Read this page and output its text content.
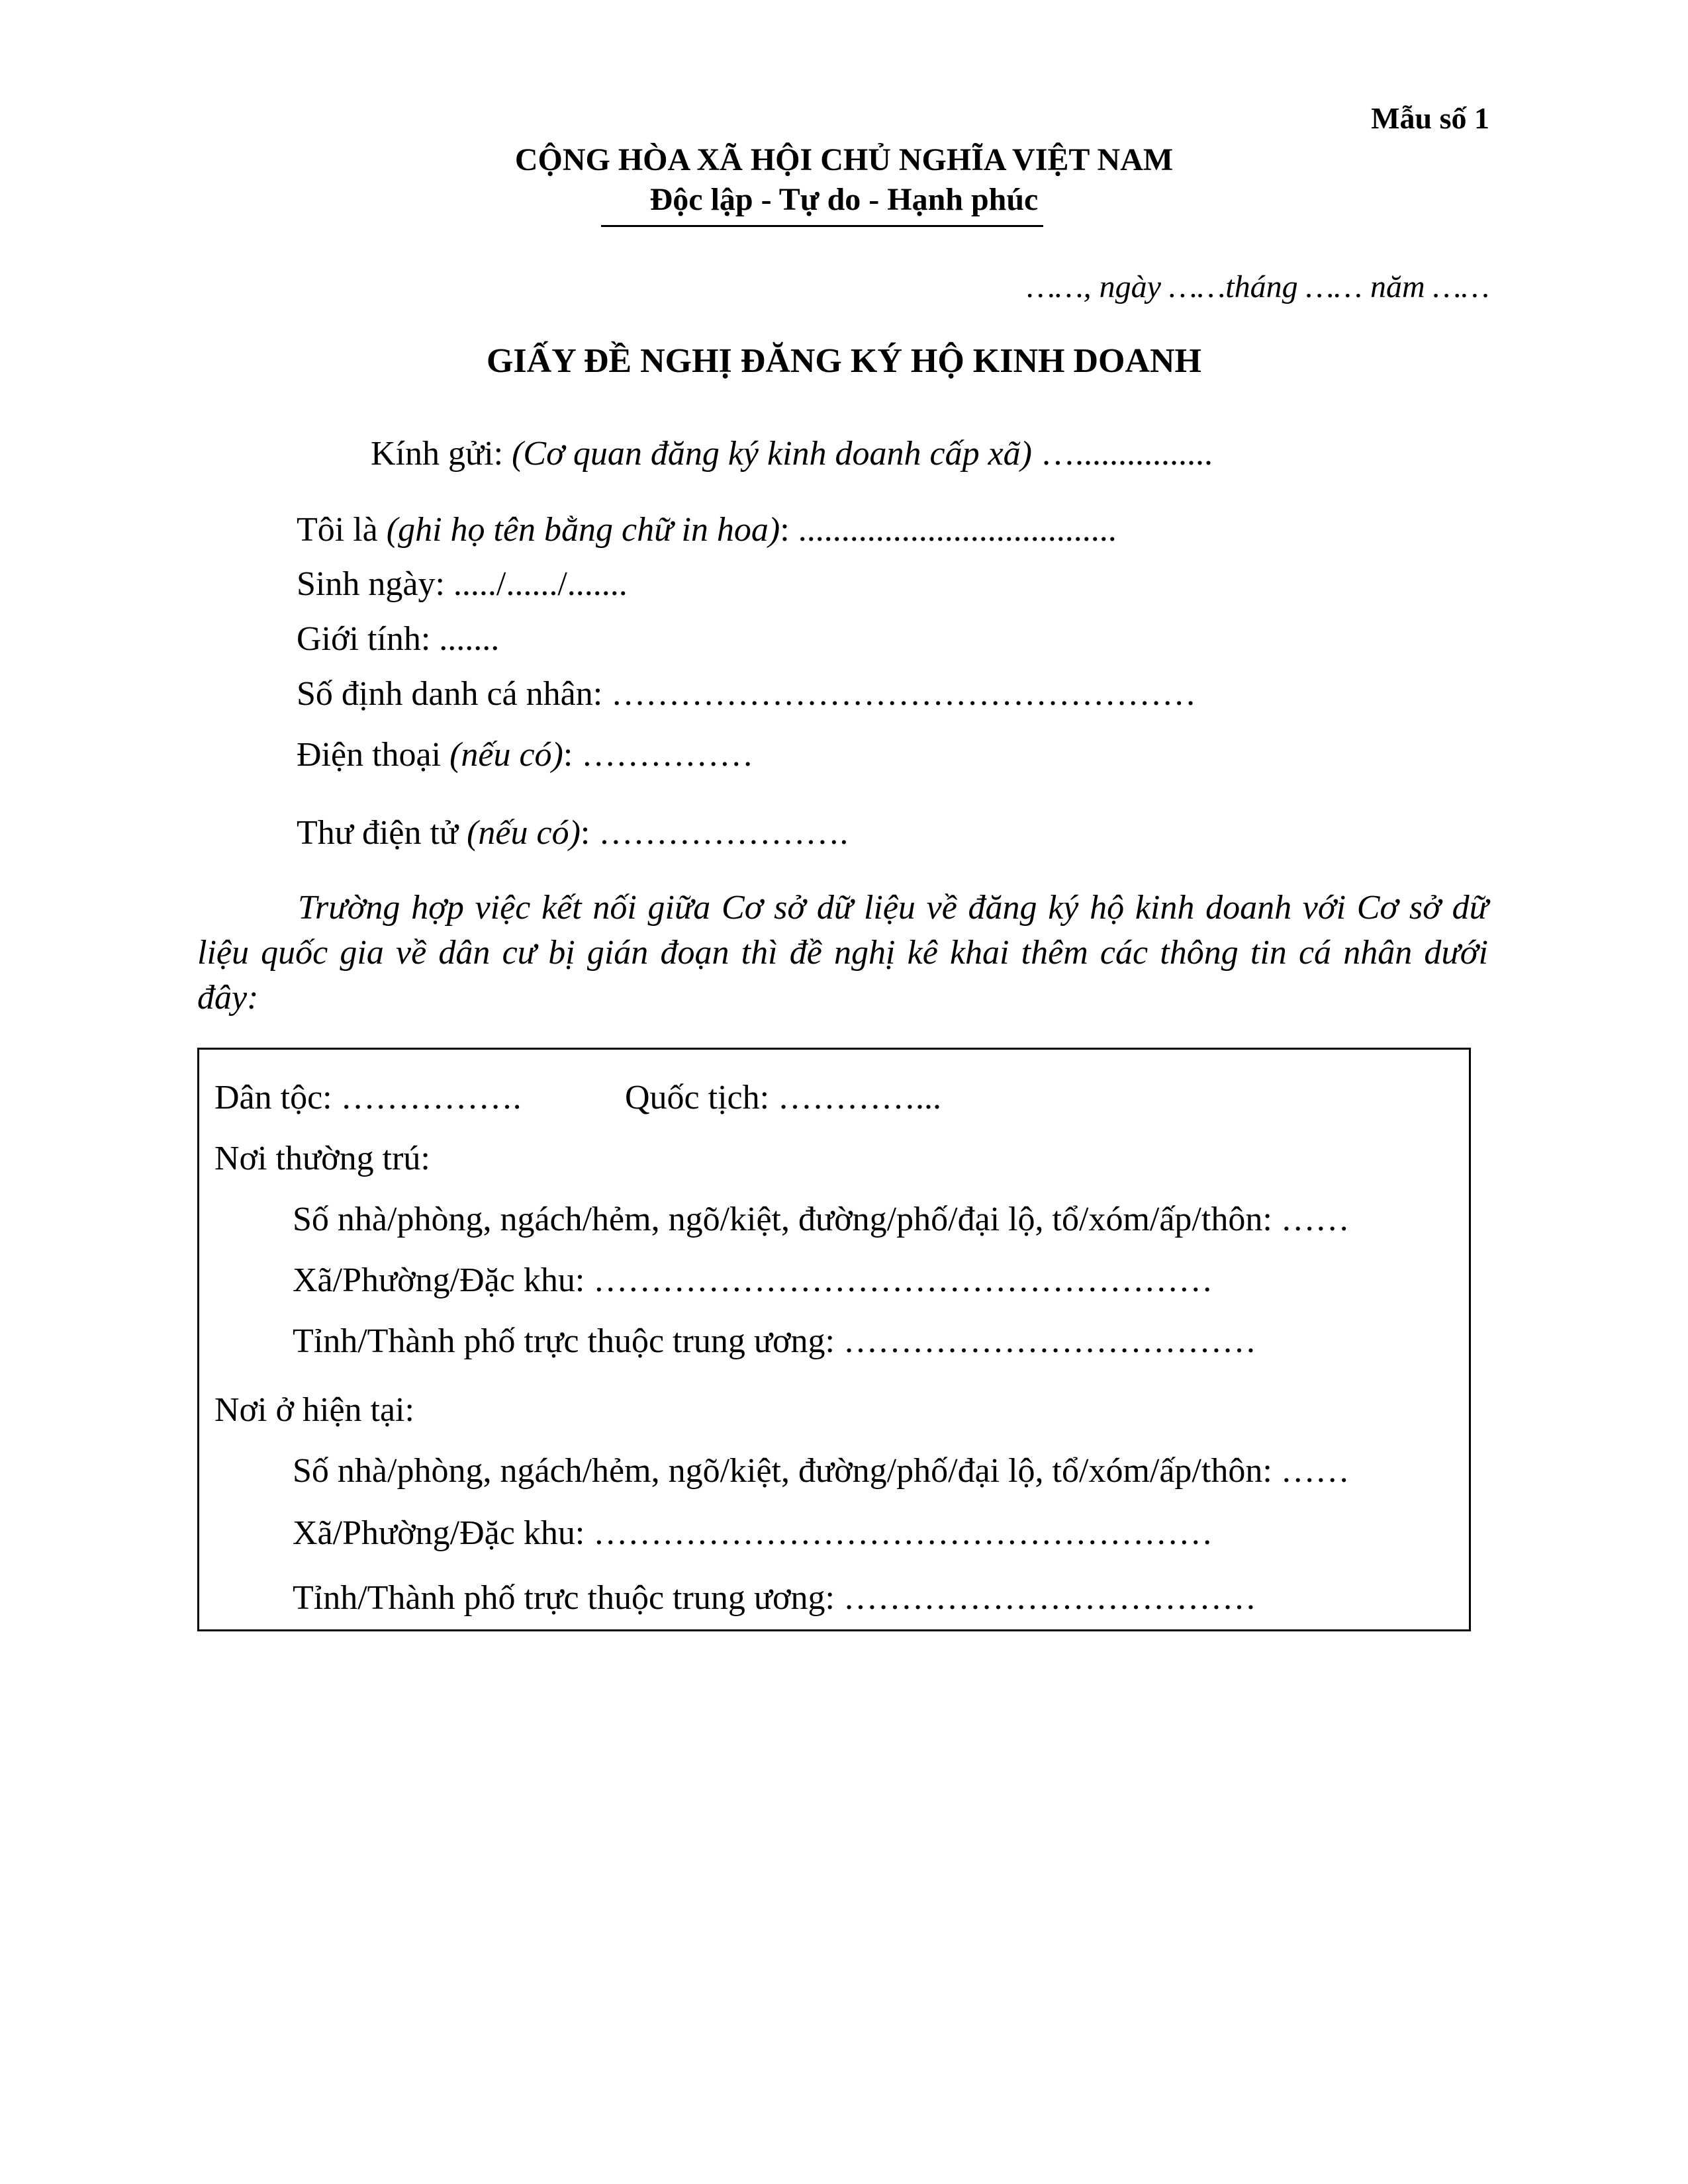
Mẫu số 1
CỘNG HÒA XÃ HỘI CHỦ NGHĨA VIỆT NAM
Độc lập - Tự do - Hạnh phúc
……, ngày ……tháng …… năm ……
GIẤY ĐỀ NGHỊ ĐĂNG KÝ HỘ KINH DOANH
Kính gửi: (Cơ quan đăng ký kinh doanh cấp xã) …................
Tôi là (ghi họ tên bằng chữ in hoa): .....................................
Sinh ngày: ...../....../.......
Giới tính: .......
Số định danh cá nhân: ……………………………………………
Điện thoại (nếu có): ……………
Thư điện tử (nếu có): ………………….
Trường hợp việc kết nối giữa Cơ sở dữ liệu về đăng ký hộ kinh doanh với Cơ sở dữ liệu quốc gia về dân cư bị gián đoạn thì đề nghị kê khai thêm các thông tin cá nhân dưới đây:
Dân tộc: …………….	Quốc tịch: …………...
Nơi thường trú:
Số nhà/phòng, ngách/hẻm, ngõ/kiệt, đường/phố/đại lộ, tổ/xóm/ấp/thôn: ……
Xã/Phường/Đặc khu: ………………………………………………
Tỉnh/Thành phố trực thuộc trung ương: ………………………………
Nơi ở hiện tại:
Số nhà/phòng, ngách/hẻm, ngõ/kiệt, đường/phố/đại lộ, tổ/xóm/ấp/thôn: ……
Xã/Phường/Đặc khu: ………………………………………………
Tỉnh/Thành phố trực thuộc trung ương: ………………………………
